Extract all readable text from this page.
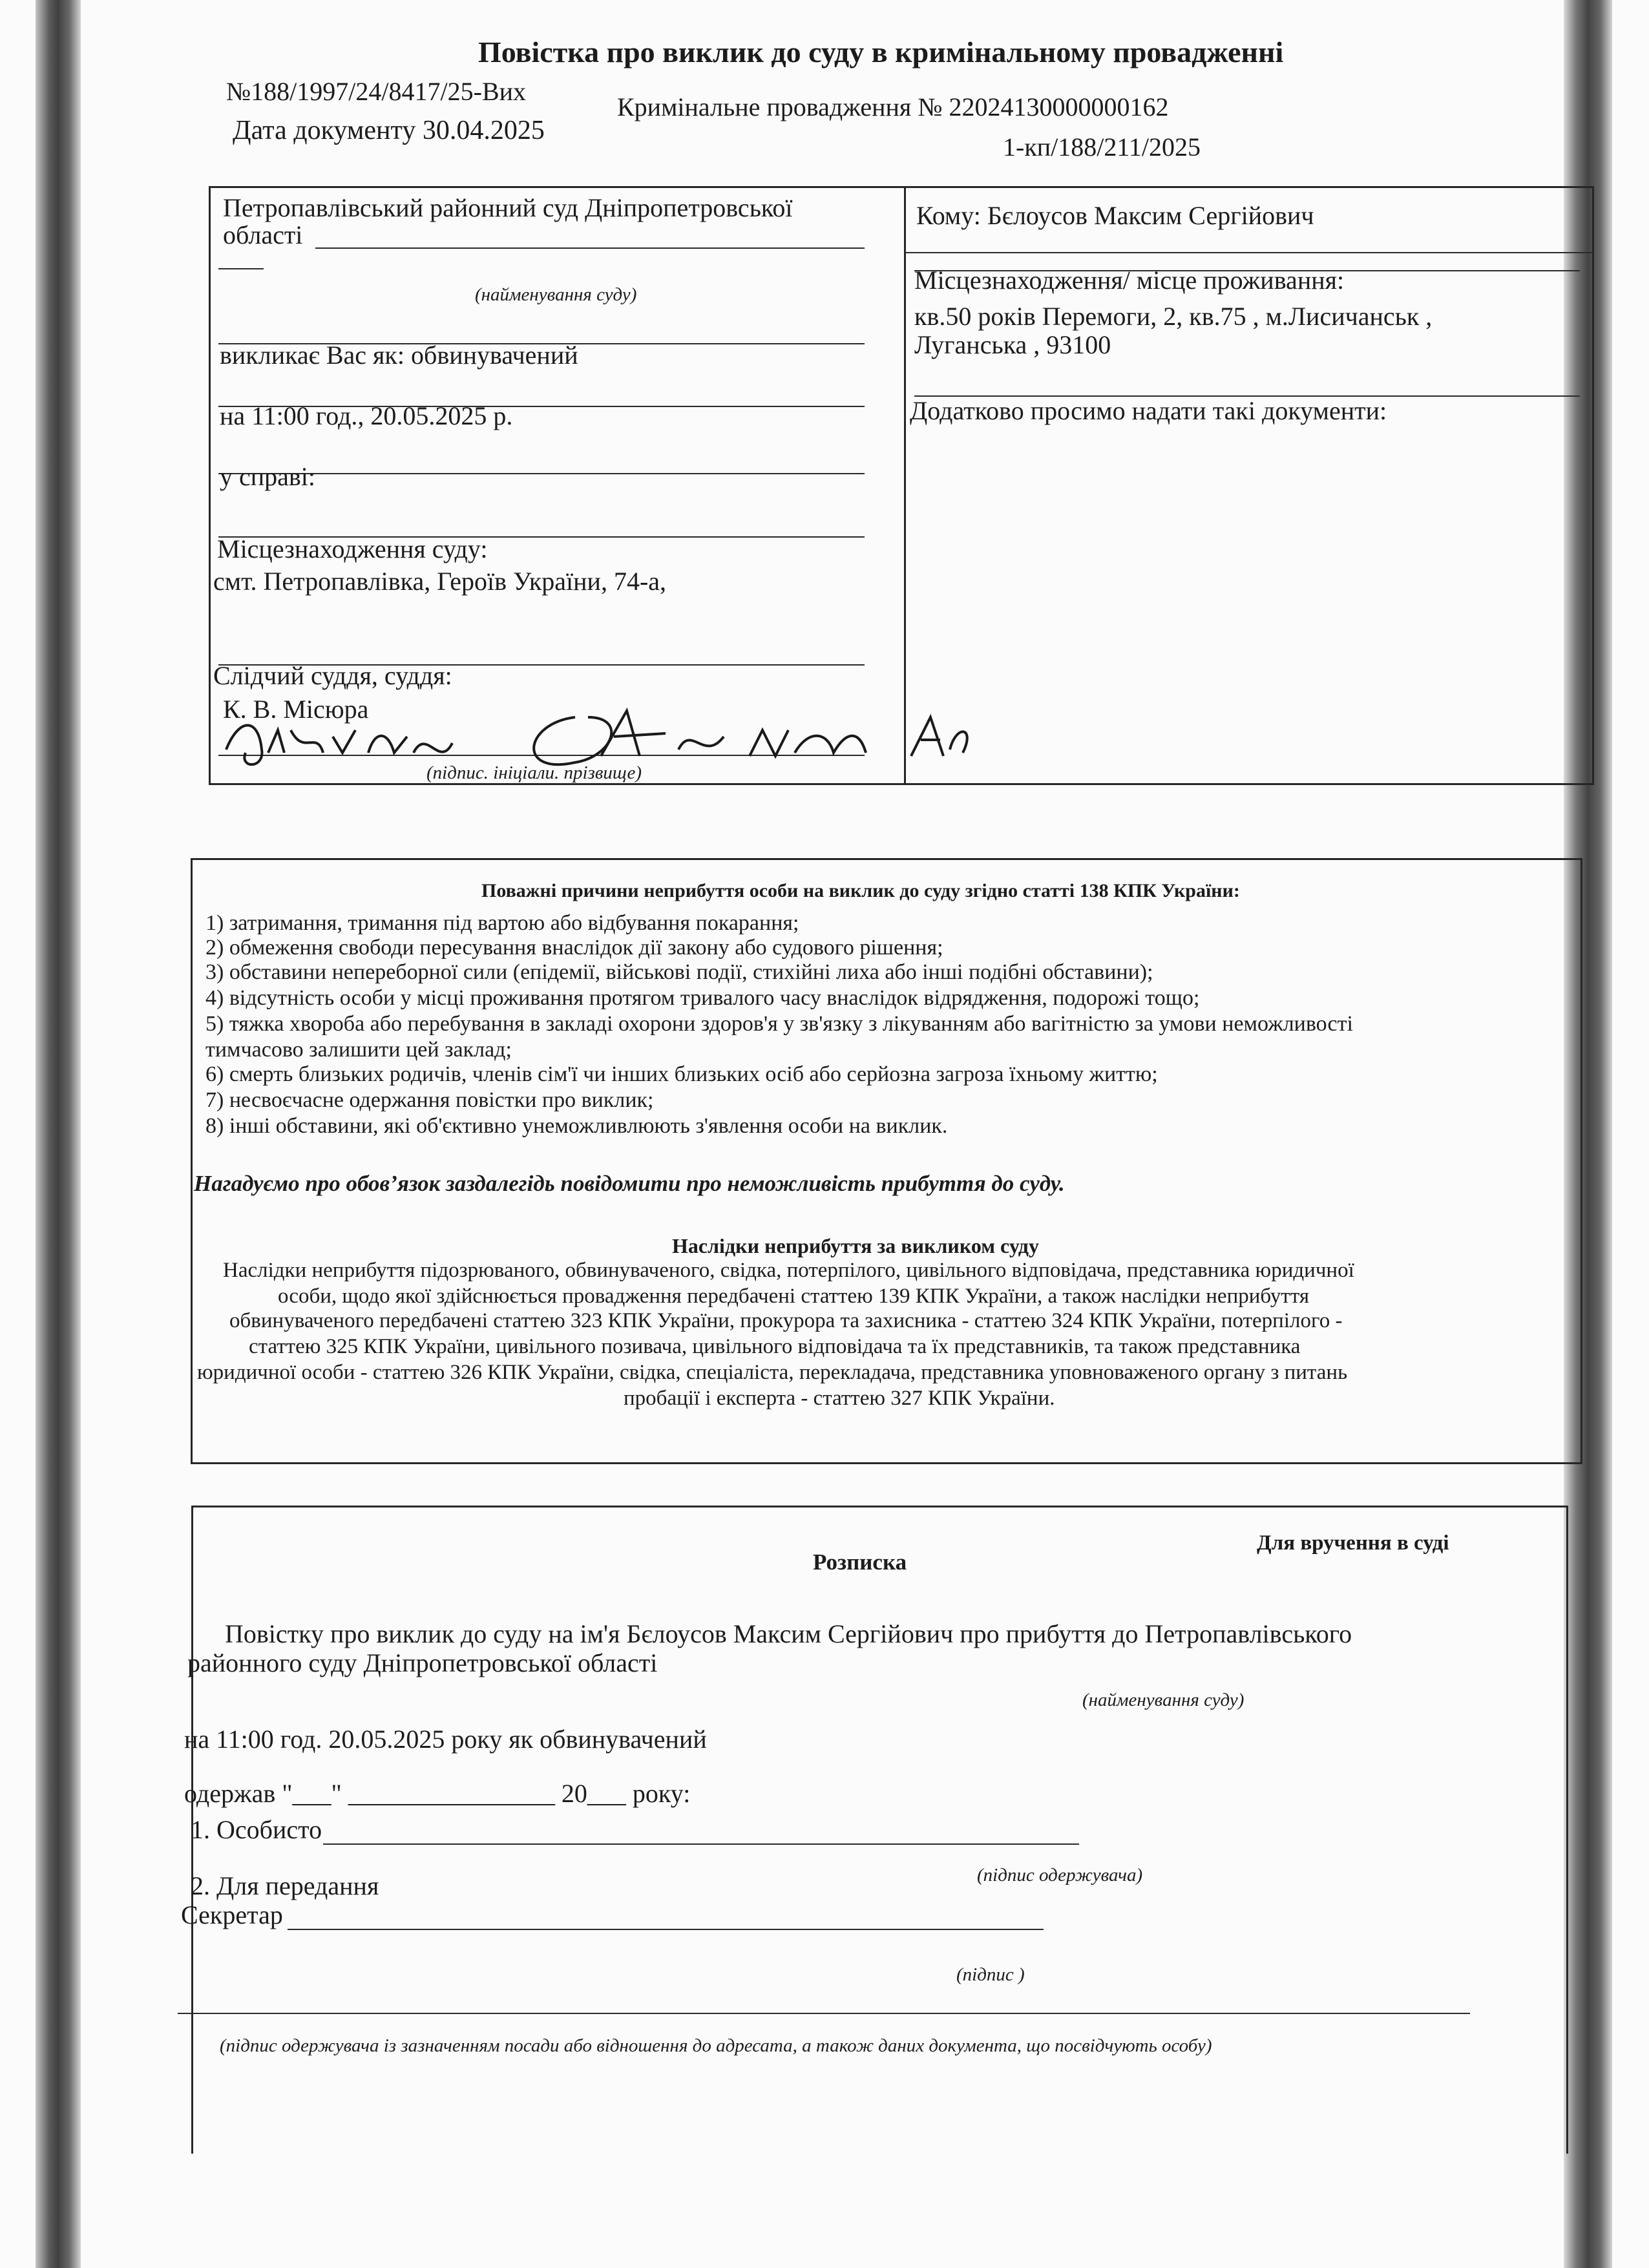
Повістка про виклик до суду в кримінальному провадженні
№188/1997/24/8417/25-Вих
Кримінальне провадження № 22024130000000162
Дата документу 30.04.2025
1-кп/188/211/2025
Петропавлівський районний суд Дніпропетровської
області
(найменування суду)
викликає Вас як: обвинувачений
на 11:00 год., 20.05.2025 р.
у справі:
Місцезнаходження суду:
смт. Петропавлівка, Героїв України, 74-а,
Слідчий суддя, суддя:
К. В. Місюра
(підпис. ініціали. прізвище)
Секретар ОГ	Мисюра АЕ
Кому: Бєлоусов Максим Сергійович
Місцезнаходження/ місце проживання:
кв.50 років Перемоги, 2, кв.75 , м.Лисичанськ ,
Луганська , 93100
Додатково просимо надати такі документи:
Поважні причини неприбуття особи на виклик до суду згідно статті 138 КПК України:
1) затримання, тримання під вартою або відбування покарання;
2) обмеження свободи пересування внаслідок дії закону або судового рішення;
3) обставини непереборної сили (епідемії, військові події, стихійні лиха або інші подібні обставини);
4) відсутність особи у місці проживання протягом тривалого часу внаслідок відрядження, подорожі тощо;
5) тяжка хвороба або перебування в закладі охорони здоров'я у зв'язку з лікуванням або вагітністю за умови неможливості
тимчасово залишити цей заклад;
6) смерть близьких родичів, членів сім'ї чи інших близьких осіб або серйозна загроза їхньому життю;
7) несвоєчасне одержання повістки про виклик;
8) інші обставини, які об'єктивно унеможливлюють з'явлення особи на виклик.
Нагадуємо про обов’язок заздалегідь повідомити про неможливість прибуття до суду.
Наслідки неприбуття за викликом суду
Наслідки неприбуття підозрюваного, обвинуваченого, свідка, потерпілого, цивільного відповідача, представника юридичної
особи, щодо якої здійснюється провадження передбачені статтею 139 КПК України, а також наслідки неприбуття
обвинуваченого передбачені статтею 323 КПК України, прокурора та захисника - статтею 324 КПК України, потерпілого -
статтею 325 КПК України, цивільного позивача, цивільного відповідача та їх представників, та також представника
юридичної особи - статтею 326 КПК України, свідка, спеціаліста, перекладача, представника уповноваженого органу з питань
пробації і експерта - статтею 327 КПК України.
Розписка
Для вручення в суді
Повістку про виклик до суду на ім'я Бєлоусов Максим Сергійович про прибуття до Петропавлівського
районного суду Дніпропетровської області
(найменування суду)
на 11:00 год. 20.05.2025 року як обвинувачений
одержав "___" ________________ 20___ року:
1. Особисто
(підпис одержувача)
2. Для передання
Секретар
(підпис )
(підпис одержувача із зазначенням посади або відношення до адресата, а також даних документа, що посвідчують особу)
